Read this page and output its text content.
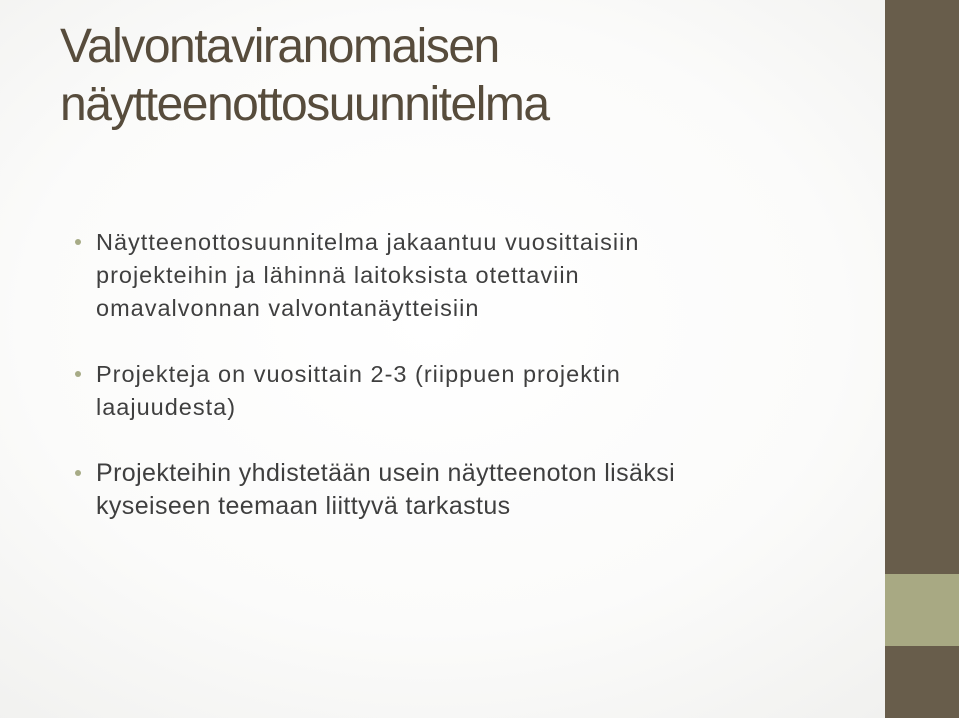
Valvontaviranomaisen
näytteenottosuunnitelma
Näytteenottosuunnitelma jakaantuu vuosittaisiin
projekteihin ja lähinnä laitoksista otettaviin
omavalvonnan valvontanäytteisiin
Projekteja on vuosittain 2-3 (riippuen projektin
laajuudesta)
Projekteihin yhdistetään usein näytteenoton lisäksi
kyseiseen teemaan liittyvä tarkastus
